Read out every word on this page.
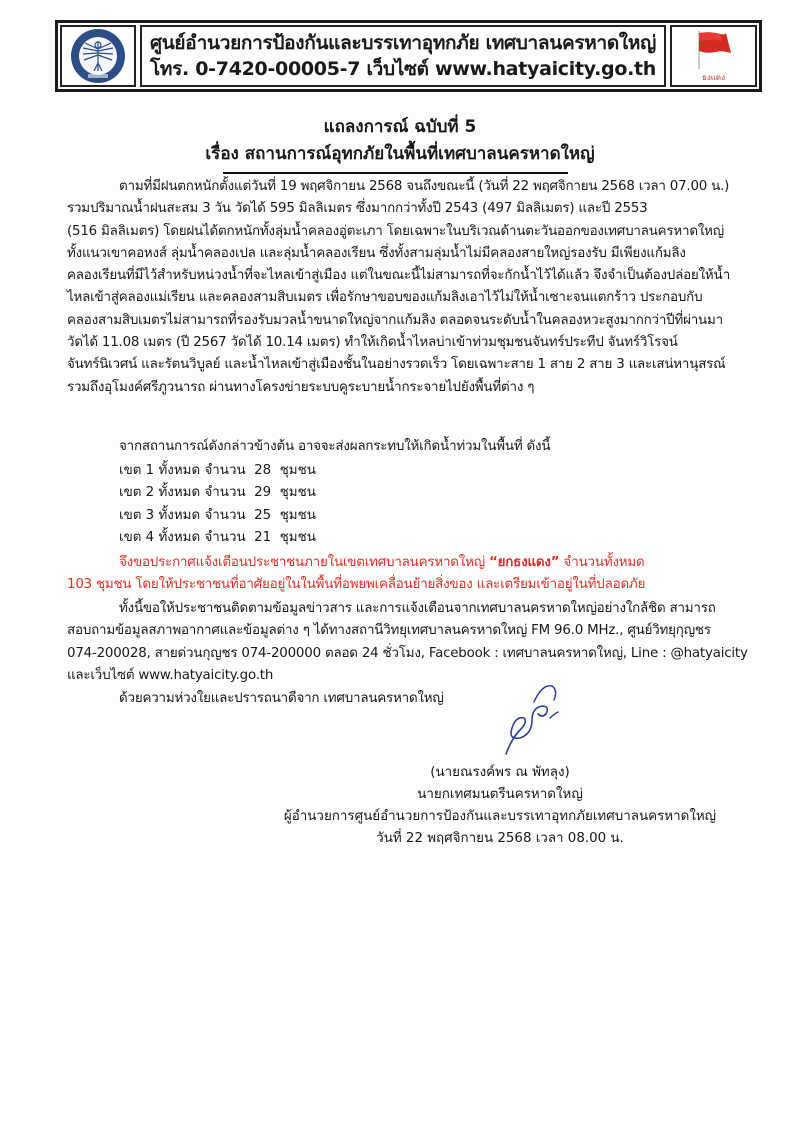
ศูนย์อำนวยการป้องกันและบรรเทาอุทกภัย เทศบาลนครหาดใหญ่
โทร. 0-7420-00005-7 เว็บไซต์ www.hatyaicity.go.th	ธงแดง
แถลงการณ์ ฉบับที่ 5
เรื่อง สถานการณ์อุทกภัยในพื้นที่เทศบาลนครหาดใหญ่

ตามที่มีฝนตกหนักตั้งแต่วันที่ 19 พฤศจิกายน 2568 จนถึงขณะนี้ (วันที่ 22 พฤศจิกายน 2568 เวลา 07.00 น.)

รวมปริมาณน้ำฝนสะสม 3 วัน วัดได้ 595 มิลลิเมตร ซึ่งมากกว่าทั้งปี 2543 (497 มิลลิเมตร) และปี 2553

(516 มิลลิเมตร) โดยฝนได้ตกหนักทั้งลุ่มน้ำคลองอู่ตะเภา โดยเฉพาะในบริเวณด้านตะวันออกของเทศบาลนครหาดใหญ่

ทั้งแนวเขาคอหงส์ ลุ่มน้ำคลองเปล และลุ่มน้ำคลองเรียน ซึ่งทั้งสามลุ่มน้ำไม่มีคลองสายใหญ่รองรับ มีเพียงแก้มลิง

คลองเรียนที่มีไว้สำหรับหน่วงน้ำที่จะไหลเข้าสู่เมือง แต่ในขณะนี้ไม่สามารถที่จะกักน้ำไว้ได้แล้ว จึงจำเป็นต้องปล่อยให้น้ำ

ไหลเข้าสู่คลองแม่เรียน และคลองสามสิบเมตร เพื่อรักษาขอบของแก้มลิงเอาไว้ไม่ให้น้ำเซาะจนแตกร้าว ประกอบกับ

คลองสามสิบเมตรไม่สามารถที่รองรับมวลน้ำขนาดใหญ่จากแก้มลิง ตลอดจนระดับน้ำในคลองหวะสูงมากกว่าปีที่ผ่านมา

วัดได้ 11.08 เมตร (ปี 2567 วัดได้ 10.14 เมตร) ทำให้เกิดน้ำไหลบ่าเข้าท่วมชุมชนจันทร์ประทีป จันทร์วิโรจน์

จันทร์นิเวศน์ และรัตนวิบูลย์ และน้ำไหลเข้าสู่เมืองชั้นในอย่างรวดเร็ว โดยเฉพาะสาย 1 สาย 2 สาย 3 และเสน่หานุสรณ์

รวมถึงอุโมงค์ศรีภูวนารถ ผ่านทางโครงข่ายระบบคูระบายน้ำกระจายไปยังพื้นที่ต่าง ๆ

จากสถานการณ์ดังกล่าวข้างต้น อาจจะส่งผลกระทบให้เกิดน้ำท่วมในพื้นที่ ดังนี้
เขต 1 ทั้งหมด จำนวน 28 ชุมชน
เขต 2 ทั้งหมด จำนวน 29 ชุมชน
เขต 3 ทั้งหมด จำนวน 25 ชุมชน
เขต 4 ทั้งหมด จำนวน 21 ชุมชน

จึงขอประกาศแจ้งเตือนประชาชนภายในเขตเทศบาลนครหาดใหญ่ “ยกธงแดง” จำนวนทั้งหมด

103 ชุมชน โดยให้ประชาชนที่อาศัยอยู่ในในพื้นที่อพยพเคลื่อนย้ายสิ่งของ และเตรียมเข้าอยู่ในที่ปลอดภัย

ทั้งนี้ขอให้ประชาชนติดตามข้อมูลข่าวสาร และการแจ้งเตือนจากเทศบาลนครหาดใหญ่อย่างใกล้ชิด สามารถ

สอบถามข้อมูลสภาพอากาศและข้อมูลต่าง ๆ ได้ทางสถานีวิทยุเทศบาลนครหาดใหญ่ FM 96.0 MHz., ศูนย์วิทยุกุญชร

074-200028, สายด่วนกุญชร 074-200000 ตลอด 24 ชั่วโมง, Facebook : เทศบาลนครหาดใหญ่, Line : @hatyaicity

และเว็บไซต์ www.hatyaicity.go.th

ด้วยความห่วงใยและปรารถนาดีจาก เทศบาลนครหาดใหญ่
(นายณรงค์พร ณ พัทลุง)
นายกเทศมนตรีนครหาดใหญ่
ผู้อำนวยการศูนย์อำนวยการป้องกันและบรรเทาอุทกภัยเทศบาลนครหาดใหญ่
วันที่ 22 พฤศจิกายน 2568 เวลา 08.00 น.
